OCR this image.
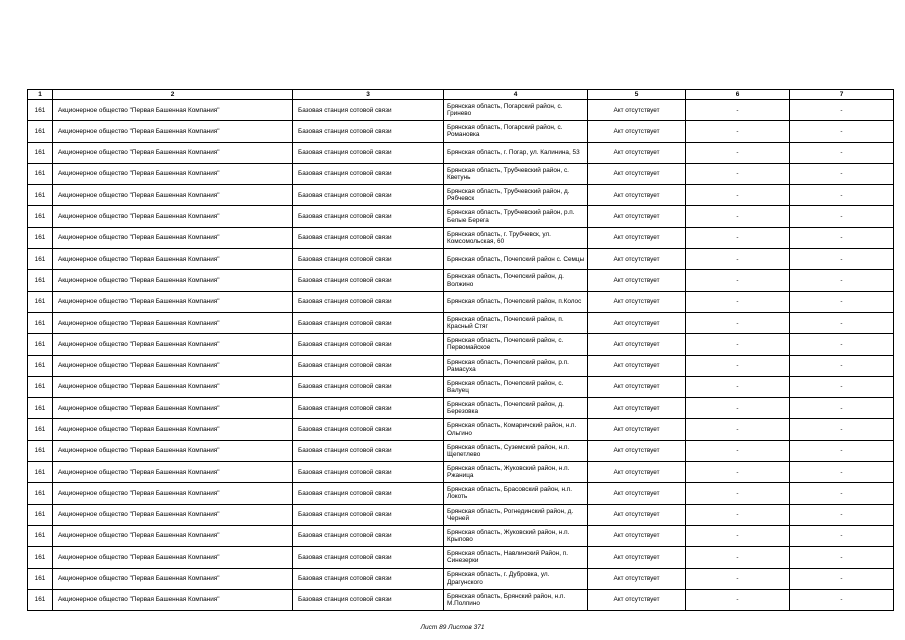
1	2	3	4	5	6	7
161	Акционерное общество "Первая Башенная Компания"	Базовая станция сотовой связи	Брянская область, Погарский район, с. Гринево	Акт отсутствует	-	-
161	Акционерное общество "Первая Башенная Компания"	Базовая станция сотовой связи	Брянская область, Погарский район, с. Романовка	Акт отсутствует	-	-
161	Акционерное общество "Первая Башенная Компания"	Базовая станция сотовой связи	Брянская область, г. Погар, ул. Калинина, 53	Акт отсутствует	-	-
161	Акционерное общество "Первая Башенная Компания"	Базовая станция сотовой связи	Брянская область, Трубчевский район, с. Кветунь	Акт отсутствует	-	-
161	Акционерное общество "Первая Башенная Компания"	Базовая станция сотовой связи	Брянская область, Трубчевский район, д. Рябчевск	Акт отсутствует	-	-
161	Акционерное общество "Первая Башенная Компания"	Базовая станция сотовой связи	Брянская область, Трубчевский район, р.п. Белые Берега	Акт отсутствует	-	-
161	Акционерное общество "Первая Башенная Компания"	Базовая станция сотовой связи	Брянская область, г. Трубчевск, ул. Комсомольская, 60	Акт отсутствует	-	-
161	Акционерное общество "Первая Башенная Компания"	Базовая станция сотовой связи	Брянская область, Почепский район с. Семцы	Акт отсутствует	-	-
161	Акционерное общество "Первая Башенная Компания"	Базовая станция сотовой связи	Брянская область, Почепский район, д. Волжино	Акт отсутствует	-	-
161	Акционерное общество "Первая Башенная Компания"	Базовая станция сотовой связи	Брянская область, Почепский район, п.Колос	Акт отсутствует	-	-
161	Акционерное общество "Первая Башенная Компания"	Базовая станция сотовой связи	Брянская область, Почепский район, п. Красный Стяг	Акт отсутствует	-	-
161	Акционерное общество "Первая Башенная Компания"	Базовая станция сотовой связи	Брянская область, Почепский район, с. Первомайское	Акт отсутствует	-	-
161	Акционерное общество "Первая Башенная Компания"	Базовая станция сотовой связи	Брянская область, Почепский район, р.п. Рамасуха	Акт отсутствует	-	-
161	Акционерное общество "Первая Башенная Компания"	Базовая станция сотовой связи	Брянская область, Почепский район, с. Валуец	Акт отсутствует	-	-
161	Акционерное общество "Первая Башенная Компания"	Базовая станция сотовой связи	Брянская область, Почепский район, д. Березовка	Акт отсутствует	-	-
161	Акционерное общество "Первая Башенная Компания"	Базовая станция сотовой связи	Брянская область, Комаричский район, н.п. Ольгино	Акт отсутствует	-	-
161	Акционерное общество "Первая Башенная Компания"	Базовая станция сотовой связи	Брянская область, Суземский район, н.п. Щепетлево	Акт отсутствует	-	-
161	Акционерное общество "Первая Башенная Компания"	Базовая станция сотовой связи	Брянская область, Жуковский район, н.п. Ржаница	Акт отсутствует	-	-
161	Акционерное общество "Первая Башенная Компания"	Базовая станция сотовой связи	Брянская область, Брасовский район, н.п. Локоть	Акт отсутствует	-	-
161	Акционерное общество "Первая Башенная Компания"	Базовая станция сотовой связи	Брянская область, Рогнединский район, д. Черней	Акт отсутствует	-	-
161	Акционерное общество "Первая Башенная Компания"	Базовая станция сотовой связи	Брянская область, Жуковский район, н.п. Крыпово	Акт отсутствует	-	-
161	Акционерное общество "Первая Башенная Компания"	Базовая станция сотовой связи	Брянская область, Навлинский Район, п. Синезерки	Акт отсутствует	-	-
161	Акционерное общество "Первая Башенная Компания"	Базовая станция сотовой связи	Брянская область, г. Дубровка, ул. Драгунского	Акт отсутствует	-	-
161	Акционерное общество "Первая Башенная Компания"	Базовая станция сотовой связи	Брянская область, Брянский район, н.п. М.Полпино	Акт отсутствует	-	-
Лист 89 Листов 371
